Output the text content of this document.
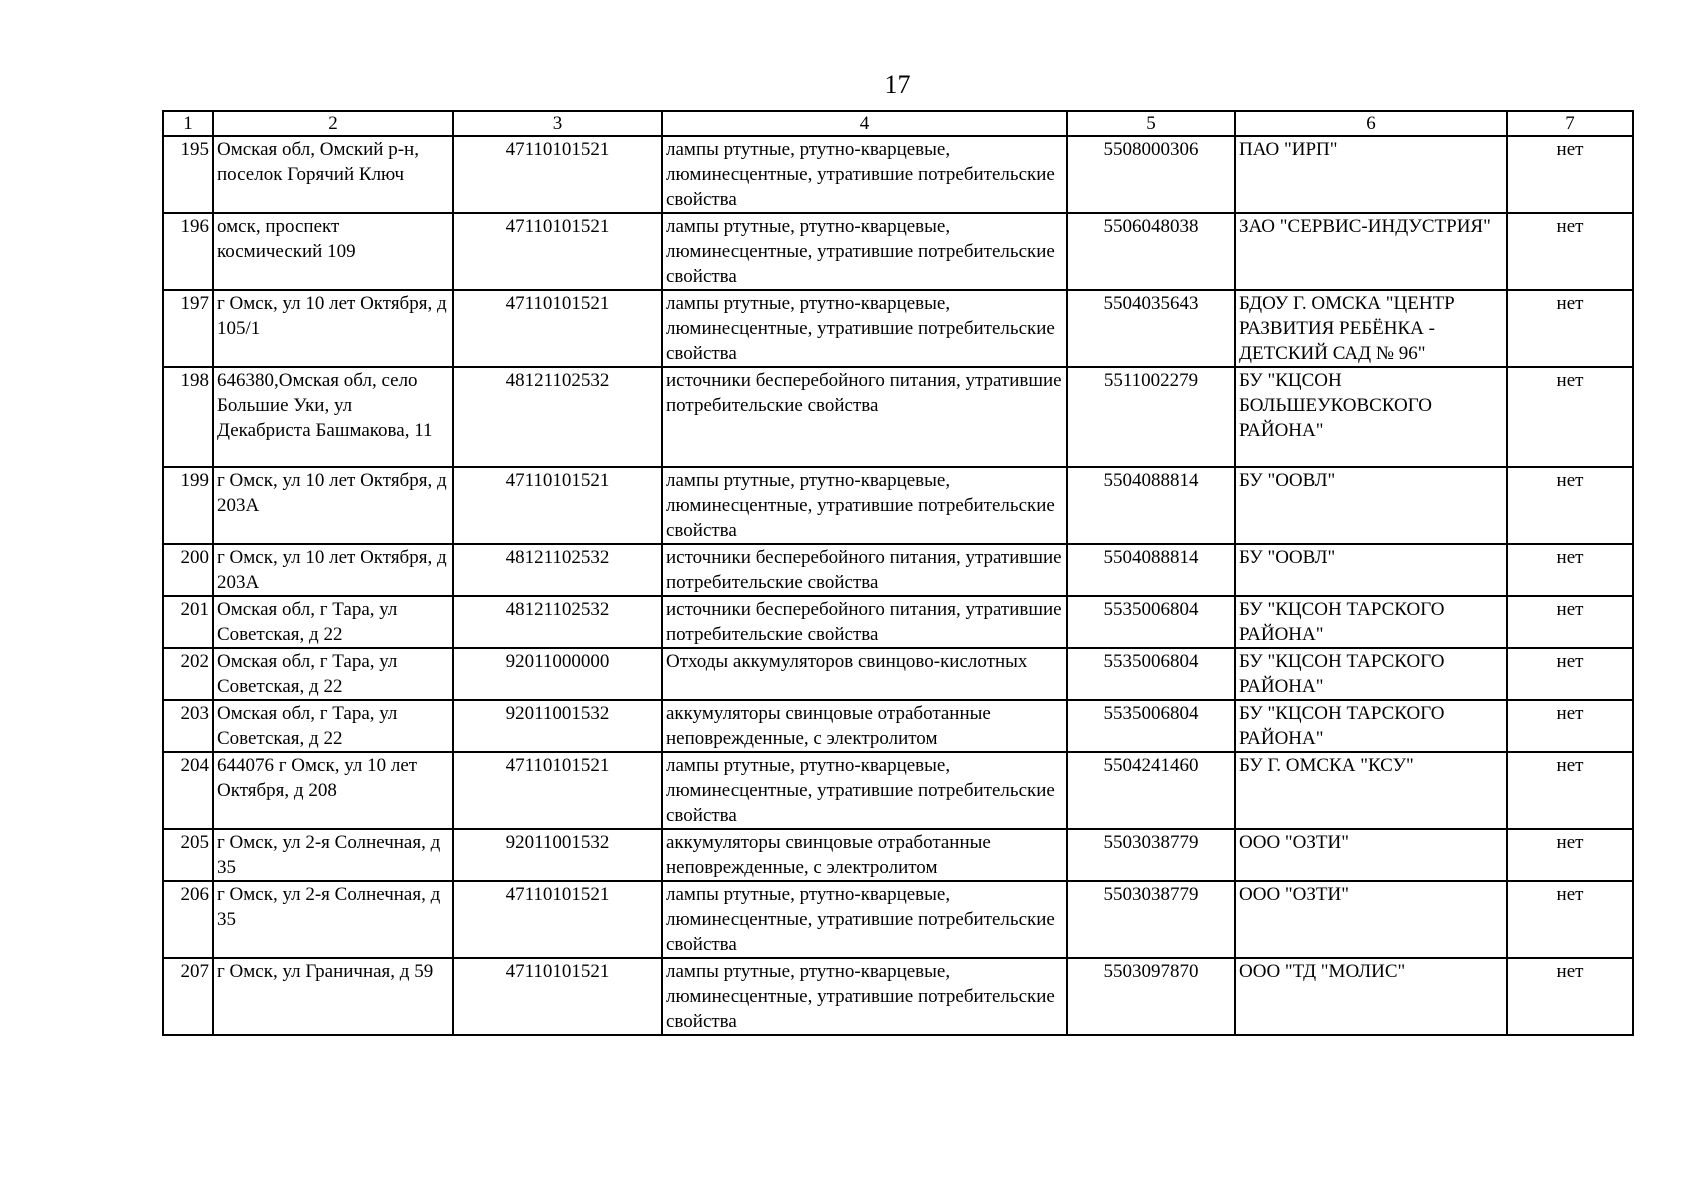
17
1	2	3	4	5	6	7
195	Омская обл, Омский р-н, поселок Горячий Ключ	47110101521	лампы ртутные, ртутно-кварцевые, люминесцентные, утратившие потребительские свойства	5508000306	ПАО "ИРП"	нет
196	омск, проспект космический 109	47110101521	лампы ртутные, ртутно-кварцевые, люминесцентные, утратившие потребительские свойства	5506048038	ЗАО "СЕРВИС-ИНДУСТРИЯ"	нет
197	г Омск, ул 10 лет Октября, д 105/1	47110101521	лампы ртутные, ртутно-кварцевые, люминесцентные, утратившие потребительские свойства	5504035643	БДОУ Г. ОМСКА "ЦЕНТР РАЗВИТИЯ РЕБЁНКА - ДЕТСКИЙ САД № 96"	нет
198	646380,Омская обл, село Большие Уки, ул Декабриста Башмакова, 11	48121102532	источники бесперебойного питания, утратившие потребительские свойства	5511002279	БУ "КЦСОН БОЛЬШЕУКОВСКОГО РАЙОНА"	нет
199	г Омск, ул 10 лет Октября, д 203А	47110101521	лампы ртутные, ртутно-кварцевые, люминесцентные, утратившие потребительские свойства	5504088814	БУ "ООВЛ"	нет
200	г Омск, ул 10 лет Октября, д 203А	48121102532	источники бесперебойного питания, утратившие потребительские свойства	5504088814	БУ "ООВЛ"	нет
201	Омская обл, г Тара, ул Советская, д 22	48121102532	источники бесперебойного питания, утратившие потребительские свойства	5535006804	БУ "КЦСОН ТАРСКОГО РАЙОНА"	нет
202	Омская обл, г Тара, ул Советская, д 22	92011000000	Отходы аккумуляторов свинцово-кислотных	5535006804	БУ "КЦСОН ТАРСКОГО РАЙОНА"	нет
203	Омская обл, г Тара, ул Советская, д 22	92011001532	аккумуляторы свинцовые отработанные неповрежденные, с электролитом	5535006804	БУ "КЦСОН ТАРСКОГО РАЙОНА"	нет
204	644076 г Омск, ул 10 лет Октября, д 208	47110101521	лампы ртутные, ртутно-кварцевые, люминесцентные, утратившие потребительские свойства	5504241460	БУ Г. ОМСКА "КСУ"	нет
205	г Омск, ул 2-я Солнечная, д 35	92011001532	аккумуляторы свинцовые отработанные неповрежденные, с электролитом	5503038779	ООО "ОЗТИ"	нет
206	г Омск, ул 2-я Солнечная, д 35	47110101521	лампы ртутные, ртутно-кварцевые, люминесцентные, утратившие потребительские свойства	5503038779	ООО "ОЗТИ"	нет
207	г Омск, ул Граничная, д 59	47110101521	лампы ртутные, ртутно-кварцевые, люминесцентные, утратившие потребительские свойства	5503097870	ООО "ТД "МОЛИС"	нет
